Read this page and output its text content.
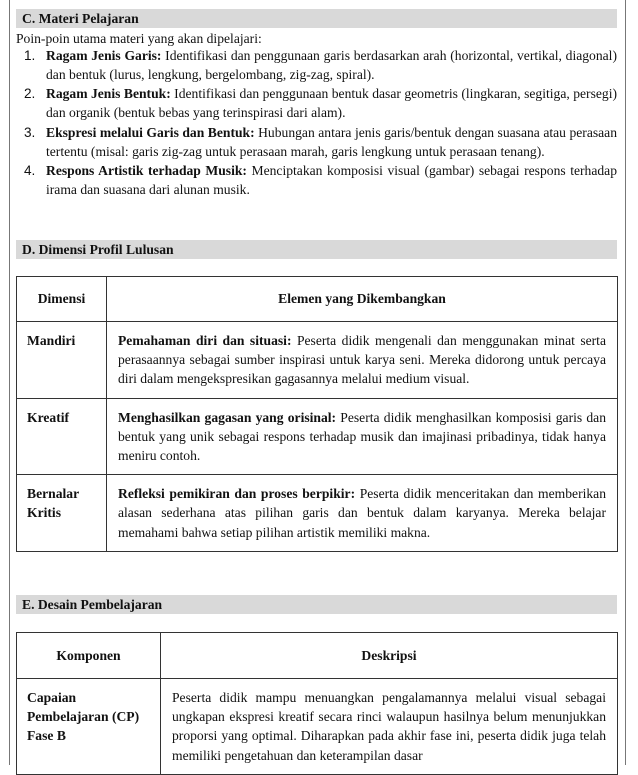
C. Materi Pelajaran
Poin-poin utama materi yang akan dipelajari:
1. Ragam Jenis Garis: Identifikasi dan penggunaan garis berdasarkan arah (horizontal, vertikal, diagonal) dan bentuk (lurus, lengkung, bergelombang, zig-zag, spiral).
2. Ragam Jenis Bentuk: Identifikasi dan penggunaan bentuk dasar geometris (lingkaran, segitiga, persegi) dan organik (bentuk bebas yang terinspirasi dari alam).
3. Ekspresi melalui Garis dan Bentuk: Hubungan antara jenis garis/bentuk dengan suasana atau perasaan tertentu (misal: garis zig-zag untuk perasaan marah, garis lengkung untuk perasaan tenang).
4. Respons Artistik terhadap Musik: Menciptakan komposisi visual (gambar) sebagai respons terhadap irama dan suasana dari alunan musik.
D. Dimensi Profil Lulusan
Dimensi	Elemen yang Dikembangkan
Mandiri	Pemahaman diri dan situasi: Peserta didik mengenali dan menggunakan minat serta perasaannya sebagai sumber inspirasi untuk karya seni. Mereka didorong untuk percaya diri dalam mengekspresikan gagasannya melalui medium visual.
Kreatif	Menghasilkan gagasan yang orisinal: Peserta didik menghasilkan komposisi garis dan bentuk yang unik sebagai respons terhadap musik dan imajinasi pribadinya, tidak hanya meniru contoh.
Bernalar Kritis	Refleksi pemikiran dan proses berpikir: Peserta didik menceritakan dan memberikan alasan sederhana atas pilihan garis dan bentuk dalam karyanya. Mereka belajar memahami bahwa setiap pilihan artistik memiliki makna.
E. Desain Pembelajaran
Komponen	Deskripsi
Capaian Pembelajaran (CP) Fase B	Peserta didik mampu menuangkan pengalamannya melalui visual sebagai ungkapan ekspresi kreatif secara rinci walaupun hasilnya belum menunjukkan proporsi yang optimal. Diharapkan pada akhir fase ini, peserta didik juga telah memiliki pengetahuan dan keterampilan dasar
